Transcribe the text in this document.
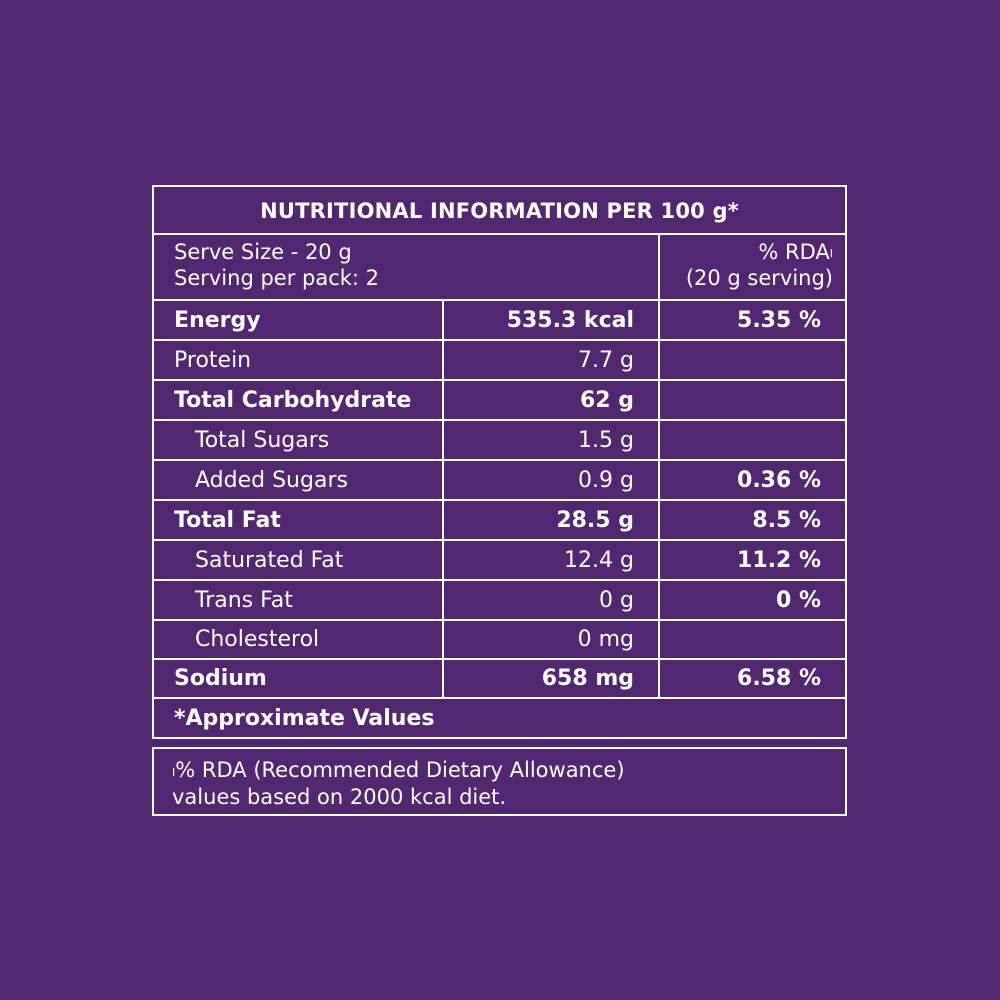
NUTRITIONAL INFORMATION PER 100 g*
Serve Size - 20 g
Serving per pack: 2
% $RDA^I$
(20 g serving)
Energy	535.3 kcal	5.35 %
Protein	7.7 g
Total Carbohydrate	62 g
Total Sugars	1.5 g
Added Sugars	0.9 g	0.36 %
Total Fat	28.5 g	8.5 %
Saturated Fat	12.4 g	11.2 %
Trans Fat	0 g	0 %
Cholesterol	0 mg
Sodium	658 mg	6.58 %
*Approximate Values
$^I$% RDA (Recommended Dietary Allowance)
values based on 2000 kcal diet.
